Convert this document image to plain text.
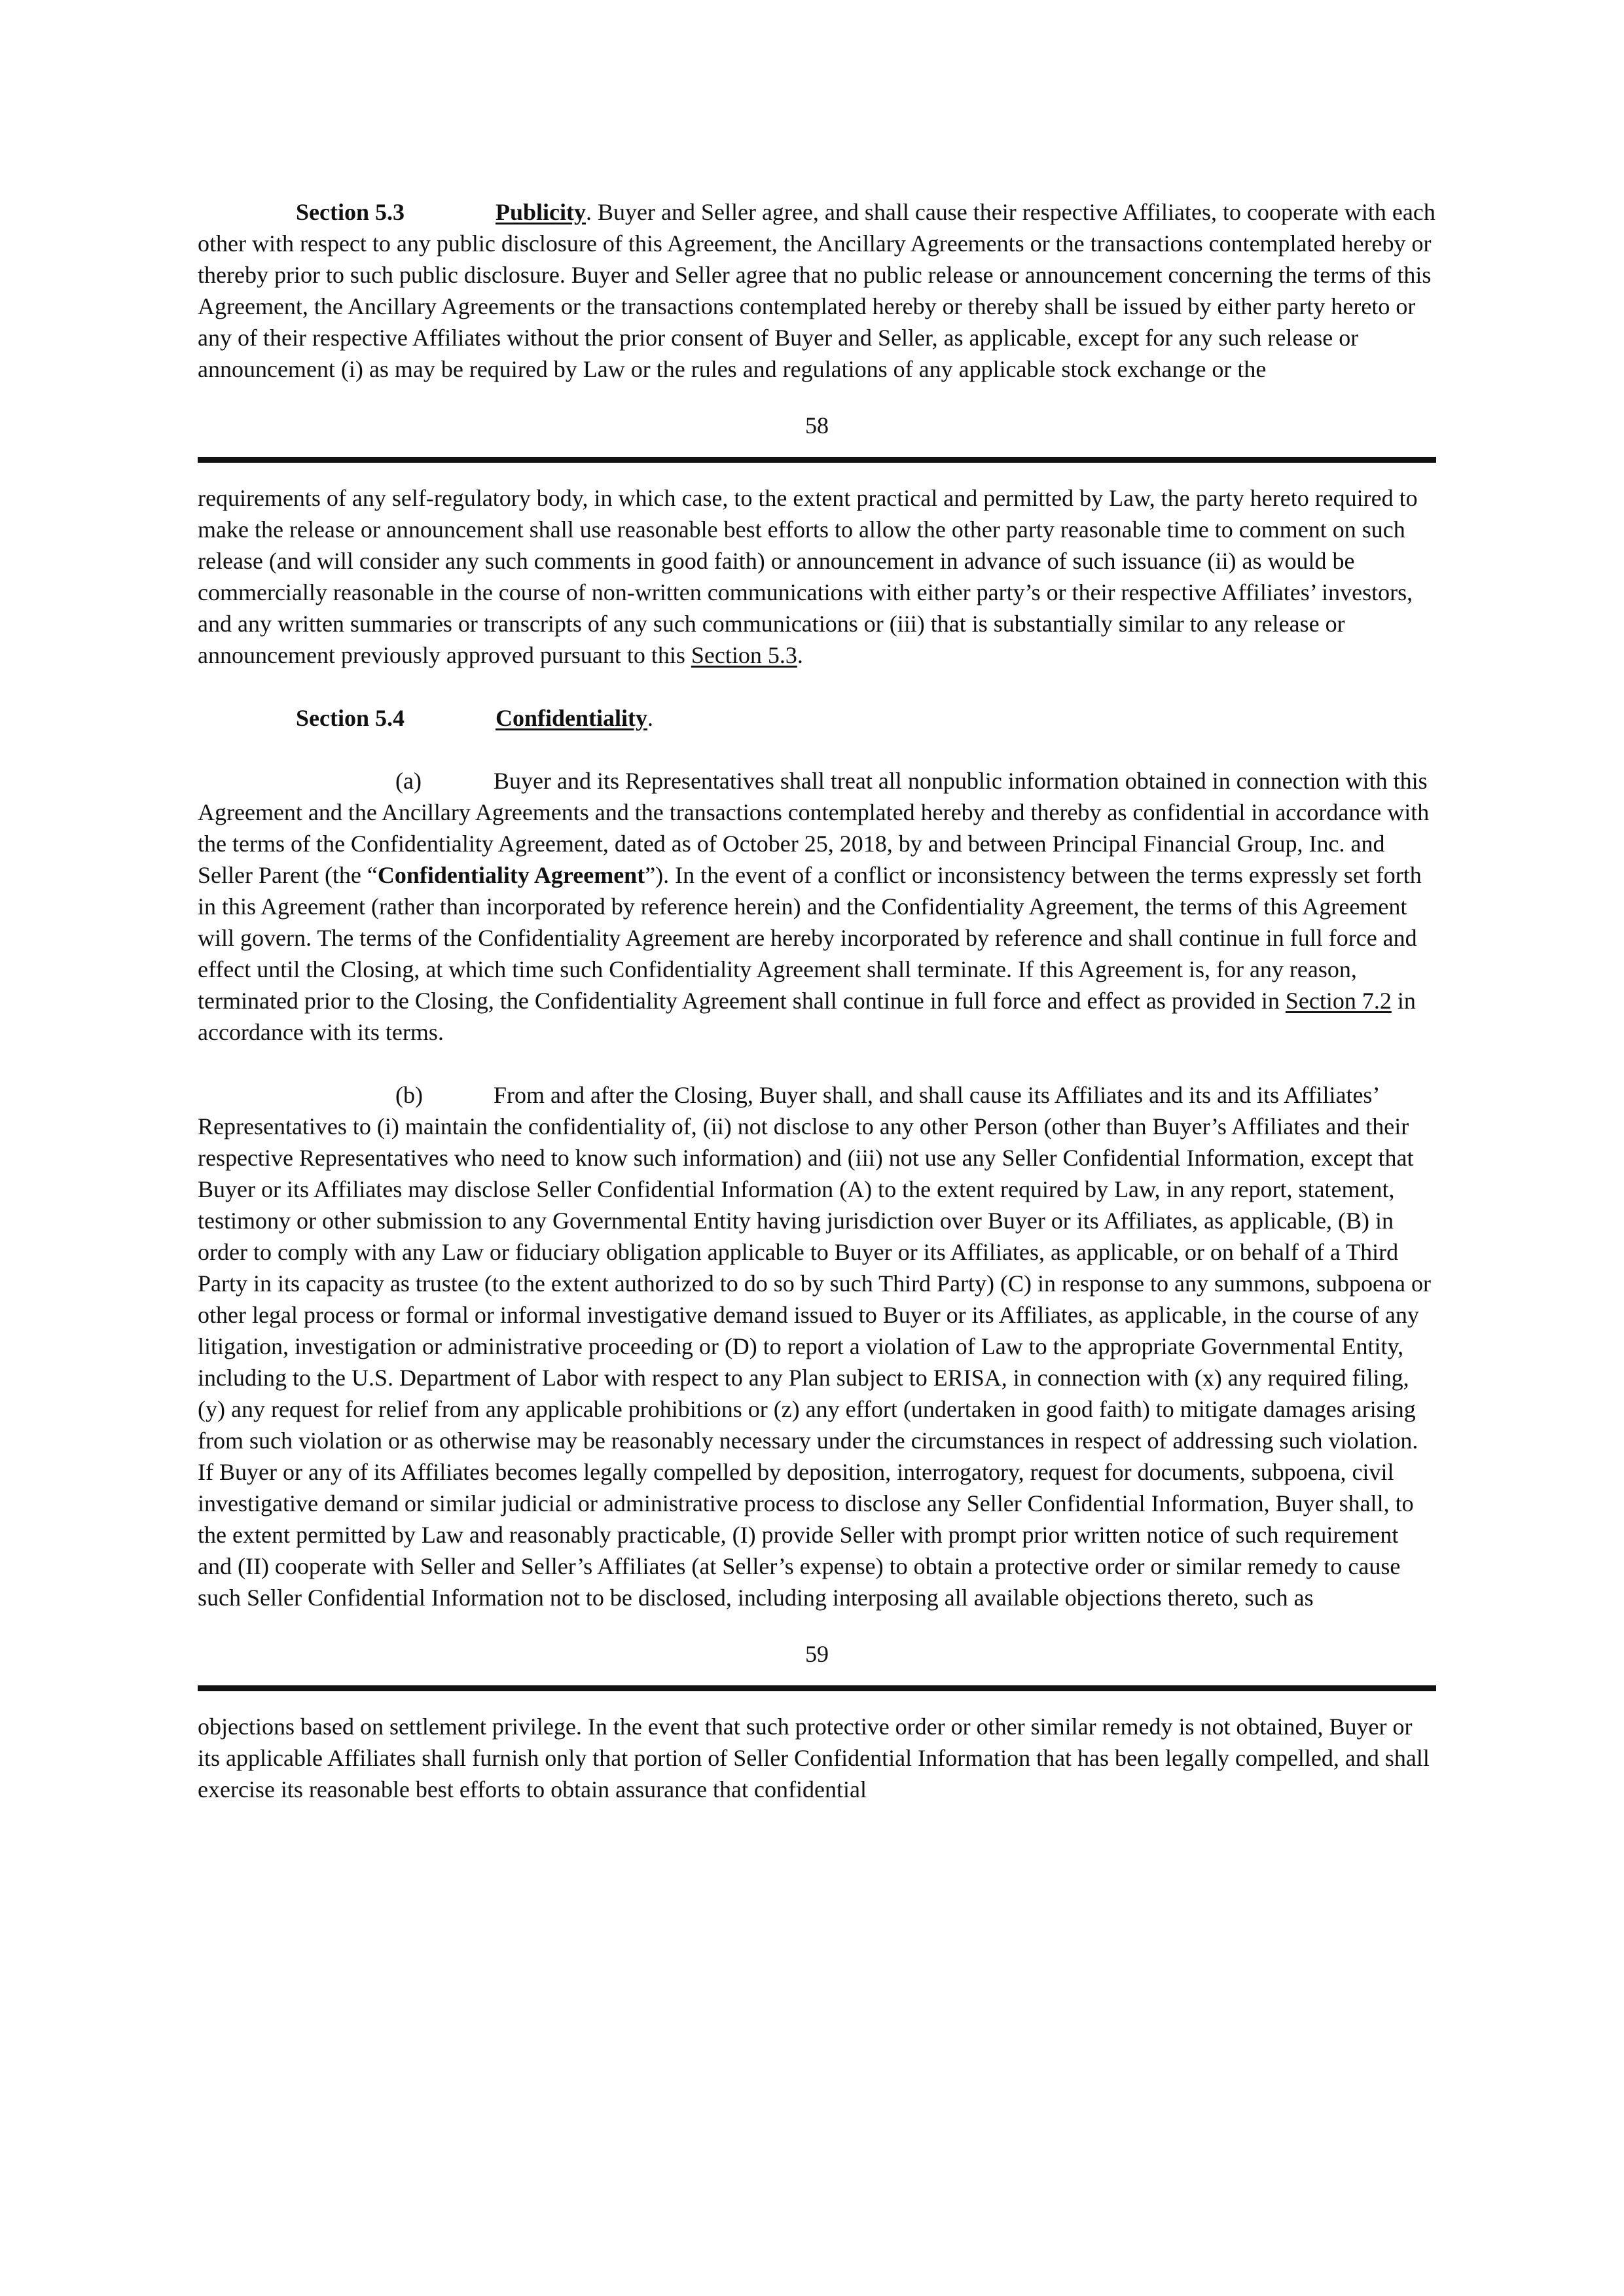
Section 5.3	Publicity. Buyer and Seller agree, and shall cause their respective Affiliates, to cooperate with each other with respect to any public disclosure of this Agreement, the Ancillary Agreements or the transactions contemplated hereby or thereby prior to such public disclosure. Buyer and Seller agree that no public release or announcement concerning the terms of this Agreement, the Ancillary Agreements or the transactions contemplated hereby or thereby shall be issued by either party hereto or any of their respective Affiliates without the prior consent of Buyer and Seller, as applicable, except for any such release or announcement (i) as may be required by Law or the rules and regulations of any applicable stock exchange or the

58

requirements of any self-regulatory body, in which case, to the extent practical and permitted by Law, the party hereto required to make the release or announcement shall use reasonable best efforts to allow the other party reasonable time to comment on such release (and will consider any such comments in good faith) or announcement in advance of such issuance (ii) as would be commercially reasonable in the course of non-written communications with either party’s or their respective Affiliates’ investors, and any written summaries or transcripts of any such communications or (iii) that is substantially similar to any release or announcement previously approved pursuant to this Section 5.3.

Section 5.4	Confidentiality.

(a)	Buyer and its Representatives shall treat all nonpublic information obtained in connection with this Agreement and the Ancillary Agreements and the transactions contemplated hereby and thereby as confidential in accordance with the terms of the Confidentiality Agreement, dated as of October 25, 2018, by and between Principal Financial Group, Inc. and Seller Parent (the “Confidentiality Agreement”). In the event of a conflict or inconsistency between the terms expressly set forth in this Agreement (rather than incorporated by reference herein) and the Confidentiality Agreement, the terms of this Agreement will govern. The terms of the Confidentiality Agreement are hereby incorporated by reference and shall continue in full force and effect until the Closing, at which time such Confidentiality Agreement shall terminate. If this Agreement is, for any reason, terminated prior to the Closing, the Confidentiality Agreement shall continue in full force and effect as provided in Section 7.2 in accordance with its terms.

(b)	From and after the Closing, Buyer shall, and shall cause its Affiliates and its and its Affiliates’ Representatives to (i) maintain the confidentiality of, (ii) not disclose to any other Person (other than Buyer’s Affiliates and their respective Representatives who need to know such information) and (iii) not use any Seller Confidential Information, except that Buyer or its Affiliates may disclose Seller Confidential Information (A) to the extent required by Law, in any report, statement, testimony or other submission to any Governmental Entity having jurisdiction over Buyer or its Affiliates, as applicable, (B) in order to comply with any Law or fiduciary obligation applicable to Buyer or its Affiliates, as applicable, or on behalf of a Third Party in its capacity as trustee (to the extent authorized to do so by such Third Party) (C) in response to any summons, subpoena or other legal process or formal or informal investigative demand issued to Buyer or its Affiliates, as applicable, in the course of any litigation, investigation or administrative proceeding or (D) to report a violation of Law to the appropriate Governmental Entity, including to the U.S. Department of Labor with respect to any Plan subject to ERISA, in connection with (x) any required filing, (y) any request for relief from any applicable prohibitions or (z) any effort (undertaken in good faith) to mitigate damages arising from such violation or as otherwise may be reasonably necessary under the circumstances in respect of addressing such violation. If Buyer or any of its Affiliates becomes legally compelled by deposition, interrogatory, request for documents, subpoena, civil investigative demand or similar judicial or administrative process to disclose any Seller Confidential Information, Buyer shall, to the extent permitted by Law and reasonably practicable, (I) provide Seller with prompt prior written notice of such requirement and (II) cooperate with Seller and Seller’s Affiliates (at Seller’s expense) to obtain a protective order or similar remedy to cause such Seller Confidential Information not to be disclosed, including interposing all available objections thereto, such as

59

objections based on settlement privilege. In the event that such protective order or other similar remedy is not obtained, Buyer or its applicable Affiliates shall furnish only that portion of Seller Confidential Information that has been legally compelled, and shall exercise its reasonable best efforts to obtain assurance that confidential
